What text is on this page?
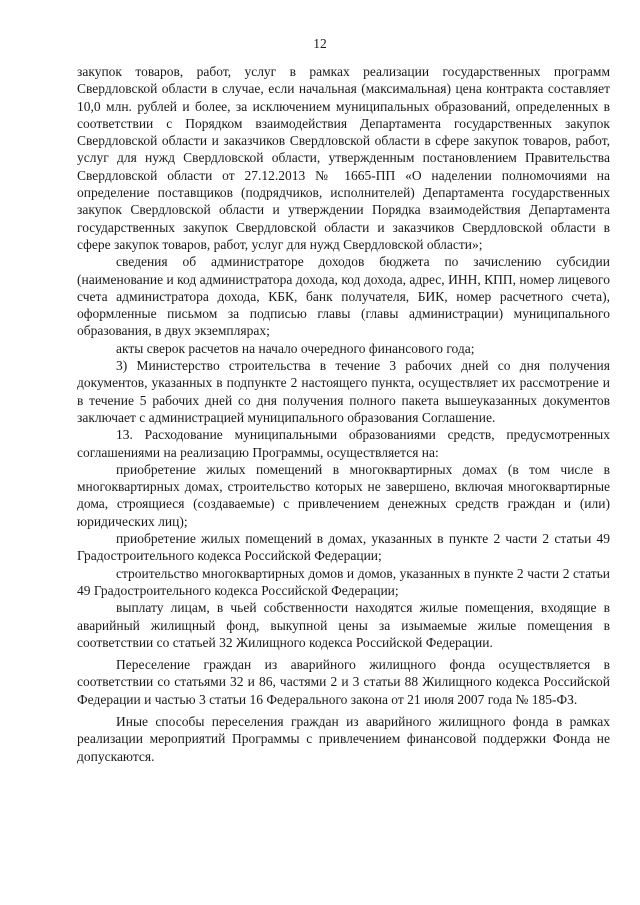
12

закупок товаров, работ, услуг в рамках реализации государственных программ Свердловской области в случае, если начальная (максимальная) цена контракта составляет 10,0 млн. рублей и более, за исключением муниципальных образований, определенных в соответствии с Порядком взаимодействия Департамента государственных закупок Свердловской области и заказчиков Свердловской области в сфере закупок товаров, работ, услуг для нужд Свердловской области, утвержденным постановлением Правительства Свердловской области от 27.12.2013 № 1665-ПП «О наделении полномочиями на определение поставщиков (подрядчиков, исполнителей) Департамента государственных закупок Свердловской области и утверждении Порядка взаимодействия Департамента государственных закупок Свердловской области и заказчиков Свердловской области в сфере закупок товаров, работ, услуг для нужд Свердловской области»;

сведения об администраторе доходов бюджета по зачислению субсидии (наименование и код администратора дохода, код дохода, адрес, ИНН, КПП, номер лицевого счета администратора дохода, КБК, банк получателя, БИК, номер расчетного счета), оформленные письмом за подписью главы (главы администрации) муниципального образования, в двух экземплярах;

акты сверок расчетов на начало очередного финансового года;

3) Министерство строительства в течение 3 рабочих дней со дня получения документов, указанных в подпункте 2 настоящего пункта, осуществляет их рассмотрение и в течение 5 рабочих дней со дня получения полного пакета вышеуказанных документов заключает с администрацией муниципального образования Соглашение.

13. Расходование муниципальными образованиями средств, предусмотренных соглашениями на реализацию Программы, осуществляется на:

приобретение жилых помещений в многоквартирных домах (в том числе в многоквартирных домах, строительство которых не завершено, включая многоквартирные дома, строящиеся (создаваемые) с привлечением денежных средств граждан и (или) юридических лиц);

приобретение жилых помещений в домах, указанных в пункте 2 части 2 статьи 49 Градостроительного кодекса Российской Федерации;

строительство многоквартирных домов и домов, указанных в пункте 2 части 2 статьи 49 Градостроительного кодекса Российской Федерации;

выплату лицам, в чьей собственности находятся жилые помещения, входящие в аварийный жилищный фонд, выкупной цены за изымаемые жилые помещения в соответствии со статьей 32 Жилищного кодекса Российской Федерации.

Переселение граждан из аварийного жилищного фонда осуществляется в соответствии со статьями 32 и 86, частями 2 и 3 статьи 88 Жилищного кодекса Российской Федерации и частью 3 статьи 16 Федерального закона от 21 июля 2007 года № 185-ФЗ.

Иные способы переселения граждан из аварийного жилищного фонда в рамках реализации мероприятий Программы с привлечением финансовой поддержки Фонда не допускаются.
